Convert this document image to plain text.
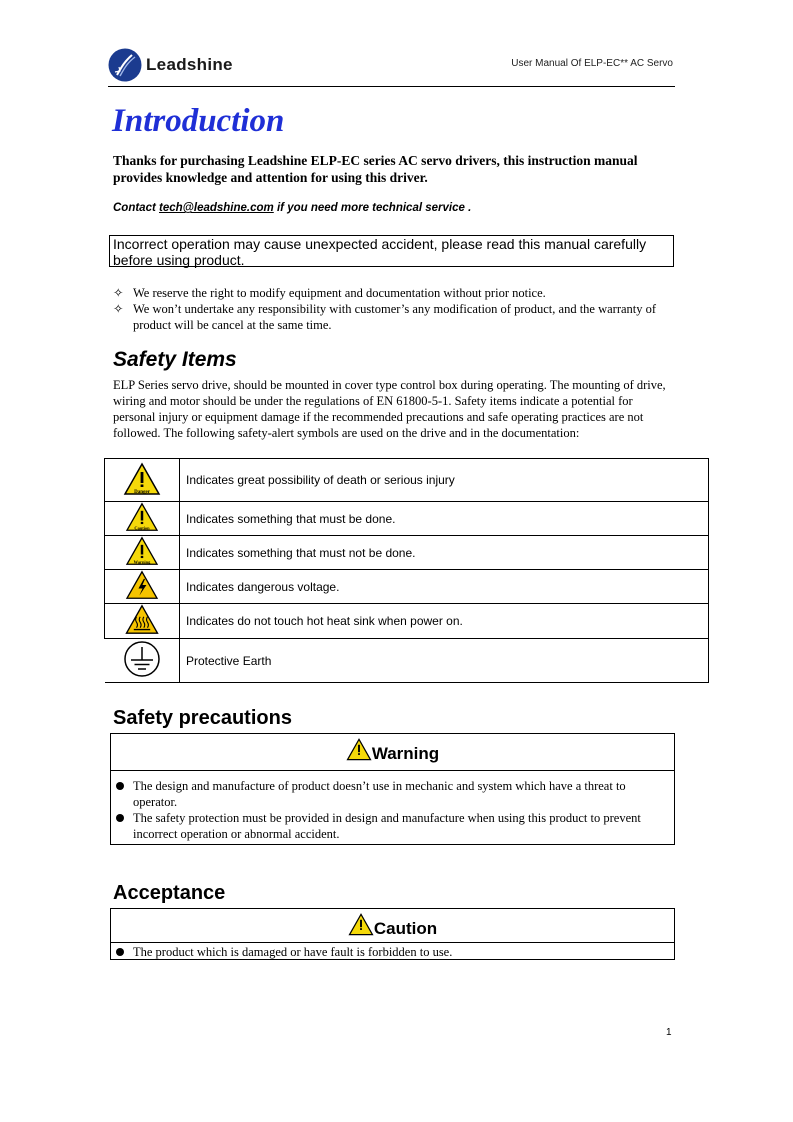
Leadshine	User Manual Of ELP-EC** AC Servo
Introduction
Thanks for purchasing Leadshine ELP-EC series AC servo drivers, this instruction manual provides knowledge and attention for using this driver.
Contact tech@leadshine.com if you need more technical service .
Incorrect operation may cause unexpected accident, please read this manual carefully before using product.
✧ We reserve the right to modify equipment and documentation without prior notice.
✧ We won’t undertake any responsibility with customer’s any modification of product, and the warranty of product will be cancel at the same time.
Safety Items
ELP Series servo drive, should be mounted in cover type control box during operating. The mounting of drive, wiring and motor should be under the regulations of EN 61800-5-1. Safety items indicate a potential for personal injury or equipment damage if the recommended precautions and safe operating practices are not followed. The following safety-alert symbols are used on the drive and in the documentation:
Danger	Indicates great possibility of death or serious injury

Caution	Indicates something that must be done.

Warning	Indicates something that must not be done.
	Indicates dangerous voltage.
	Indicates do not touch hot heat sink when power on.
	Protective Earth
Safety precautions
Warning
The design and manufacture of product doesn’t use in mechanic and system which have a threat to operator.
The safety protection must be provided in design and manufacture when using this product to prevent incorrect operation or abnormal accident.
Acceptance
Caution
The product which is damaged or have fault is forbidden to use.
1
